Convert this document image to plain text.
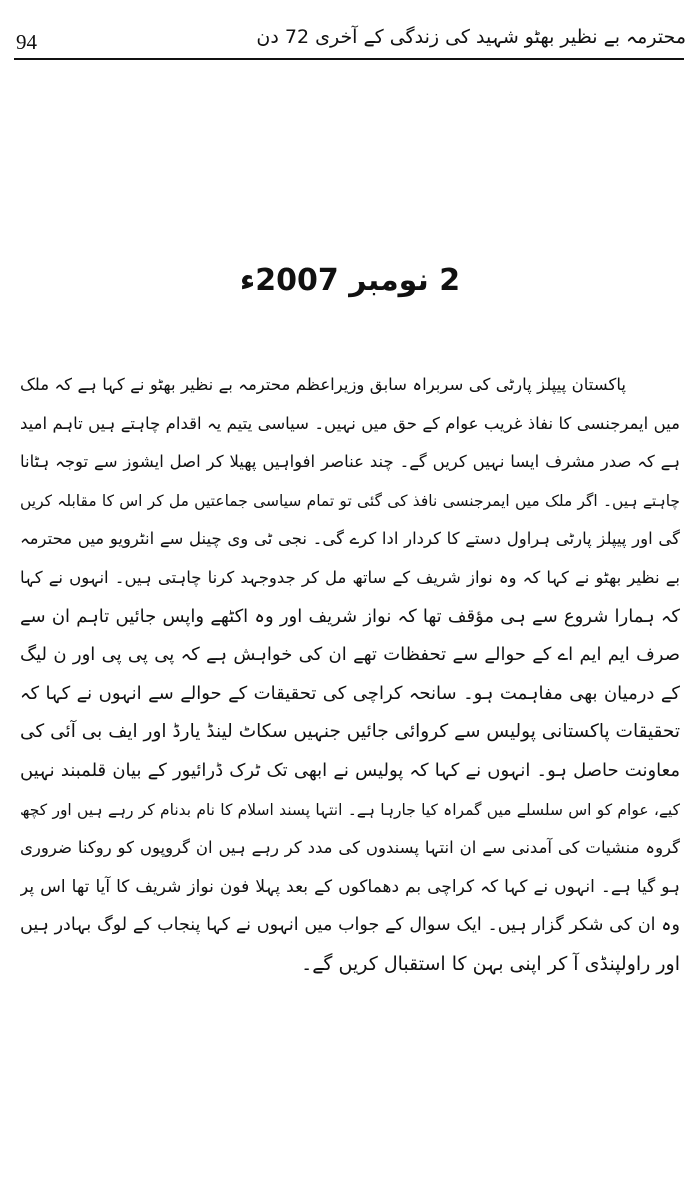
94	محترمہ بے نظیر بھٹو شہید کی زندگی کے آخری 72 دن
2 نومبر 2007ء
پاکستان پیپلز پارٹی کی سربراہ سابق وزیراعظم محترمہ بے نظیر بھٹو نے کہا ہے کہ ملک
میں ایمرجنسی کا نفاذ غریب عوام کے حق میں نہیں۔ سیاسی یتیم یہ اقدام چاہتے ہیں تاہم امید
ہے کہ صدر مشرف ایسا نہیں کریں گے۔ چند عناصر افواہیں پھیلا کر اصل ایشوز سے توجہ ہٹانا
چاہتے ہیں۔ اگر ملک میں ایمرجنسی نافذ کی گئی تو تمام سیاسی جماعتیں مل کر اس کا مقابلہ کریں
گی اور پیپلز پارٹی ہراول دستے کا کردار ادا کرے گی۔ نجی ٹی وی چینل سے انٹرویو میں محترمہ
بے نظیر بھٹو نے کہا کہ وہ نواز شریف کے ساتھ مل کر جدوجہد کرنا چاہتی ہیں۔ انہوں نے کہا
کہ ہمارا شروع سے ہی مؤقف تھا کہ نواز شریف اور وہ اکٹھے واپس جائیں تاہم ان سے
صرف ایم ایم اے کے حوالے سے تحفظات تھے ان کی خواہش ہے کہ پی پی پی اور ن لیگ
کے درمیان بھی مفاہمت ہو۔ سانحہ کراچی کی تحقیقات کے حوالے سے انہوں نے کہا کہ
تحقیقات پاکستانی پولیس سے کروائی جائیں جنہیں سکاٹ لینڈ یارڈ اور ایف بی آئی کی
معاونت حاصل ہو۔ انہوں نے کہا کہ پولیس نے ابھی تک ٹرک ڈرائیور کے بیان قلمبند نہیں
کیے، عوام کو اس سلسلے میں گمراہ کیا جارہا ہے۔ انتہا پسند اسلام کا نام بدنام کر رہے ہیں اور کچھ
گروہ منشیات کی آمدنی سے ان انتہا پسندوں کی مدد کر رہے ہیں ان گروپوں کو روکنا ضروری
ہو گیا ہے۔ انہوں نے کہا کہ کراچی بم دھماکوں کے بعد پہلا فون نواز شریف کا آیا تھا اس پر
وہ ان کی شکر گزار ہیں۔ ایک سوال کے جواب میں انہوں نے کہا پنجاب کے لوگ بہادر ہیں
اور راولپنڈی آ کر اپنی بہن کا استقبال کریں گے۔
